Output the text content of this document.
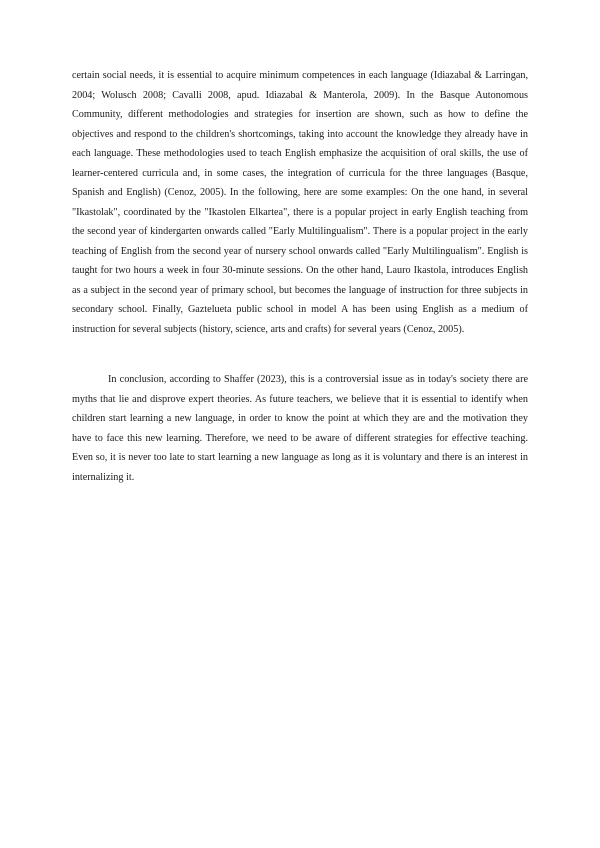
certain social needs, it is essential to acquire minimum competences in each language (Idiazabal & Larringan, 2004; Wolusch 2008; Cavalli 2008, apud. Idiazabal & Manterola, 2009). In the Basque Autonomous Community, different methodologies and strategies for insertion are shown, such as how to define the objectives and respond to the children's shortcomings, taking into account the knowledge they already have in each language. These methodologies used to teach English emphasize the acquisition of oral skills, the use of learner-centered curricula and, in some cases, the integration of curricula for the three languages (Basque, Spanish and English) (Cenoz, 2005). In the following, here are some examples: On the one hand, in several "Ikastolak", coordinated by the "Ikastolen Elkartea", there is a popular project in early English teaching from the second year of kindergarten onwards called "Early Multilingualism". There is a popular project in the early teaching of English from the second year of nursery school onwards called "Early Multilingualism". English is taught for two hours a week in four 30-minute sessions. On the other hand, Lauro Ikastola, introduces English as a subject in the second year of primary school, but becomes the language of instruction for three subjects in secondary school. Finally, Gaztelueta public school in model A has been using English as a medium of instruction for several subjects (history, science, arts and crafts) for several years (Cenoz, 2005).

In conclusion, according to Shaffer (2023), this is a controversial issue as in today's society there are myths that lie and disprove expert theories. As future teachers, we believe that it is essential to identify when children start learning a new language, in order to know the point at which they are and the motivation they have to face this new learning. Therefore, we need to be aware of different strategies for effective teaching. Even so, it is never too late to start learning a new language as long as it is voluntary and there is an interest in internalizing it.
